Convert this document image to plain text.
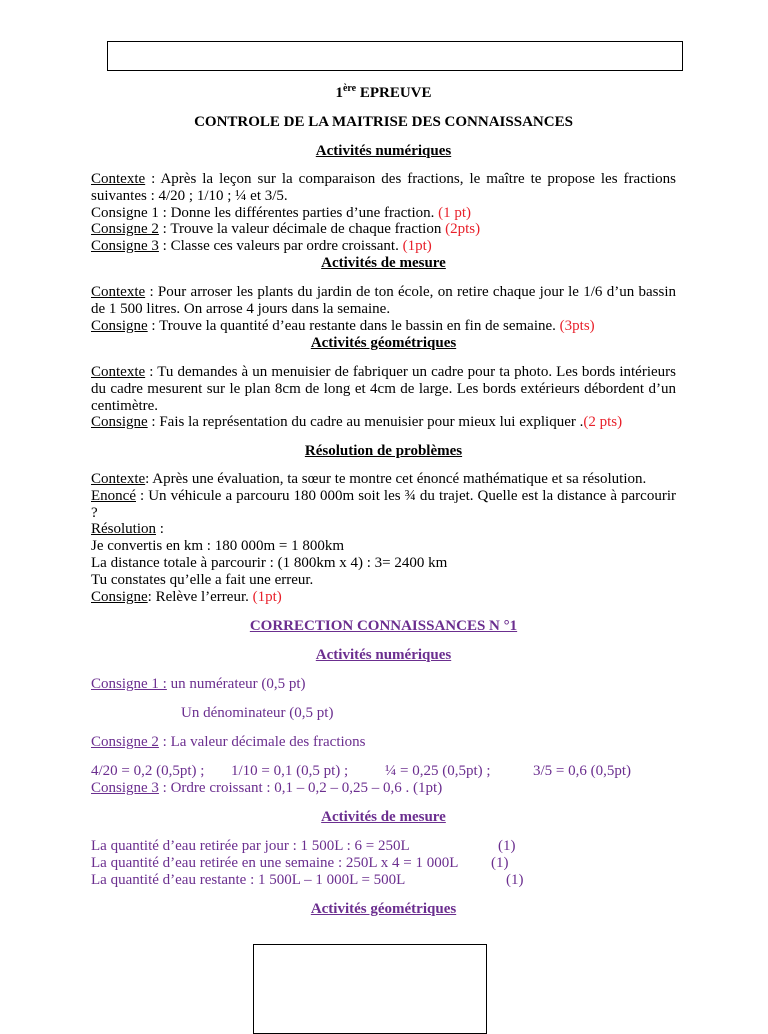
1ère EPREUVE
CONTROLE DE LA MAITRISE DES CONNAISSANCES
Activités numériques
Contexte : Après la leçon sur la comparaison des fractions, le maître te propose les fractions suivantes : 4/20 ; 1/10 ; ¼ et 3/5.
Consigne 1 : Donne les différentes parties d’une fraction. (1 pt)
Consigne 2 : Trouve la valeur décimale de chaque fraction (2pts)
Consigne 3 : Classe ces valeurs par ordre croissant. (1pt)
Activités de mesure
Contexte : Pour arroser les plants du jardin de ton école, on retire chaque jour le 1/6 d’un bassin de 1 500 litres. On arrose 4 jours dans la semaine.
Consigne : Trouve la quantité d’eau restante dans le bassin en fin de semaine. (3pts)
Activités géométriques
Contexte : Tu demandes à un menuisier de fabriquer un cadre pour ta photo. Les bords intérieurs du cadre mesurent sur le plan 8cm de long et 4cm de large. Les bords extérieurs débordent d’un centimètre.
Consigne : Fais la représentation du cadre au menuisier pour mieux lui expliquer .(2 pts)
Résolution de problèmes
Contexte: Après une évaluation, ta sœur te montre cet énoncé mathématique et sa résolution.
Enoncé : Un véhicule a parcouru 180 000m soit les ¾ du trajet. Quelle est la distance à parcourir ?
Résolution :
Je convertis en km : 180 000m = 1 800km
La distance totale à parcourir : (1 800km x 4) : 3= 2400 km
Tu constates qu’elle a fait une erreur.
Consigne: Relève l’erreur. (1pt)
CORRECTION CONNAISSANCES N °1
Activités numériques
Consigne 1 : un numérateur (0,5 pt)
Un dénominateur (0,5 pt)
Consigne 2 : La valeur décimale des fractions
4/20 = 0,2 (0,5pt) ; 1/10 = 0,1 (0,5 pt) ; ¼ = 0,25 (0,5pt) ;	3/5 = 0,6 (0,5pt)
Consigne 3 : Ordre croissant : 0,1 – 0,2 – 0,25 – 0,6 . (1pt)
Activités de mesure
La quantité d’eau retirée par jour : 1 500L : 6 = 250L	(1)
La quantité d’eau retirée en une semaine : 250L x 4 = 1 000L (1)
La quantité d’eau restante : 1 500L – 1 000L = 500L	(1)
Activités géométriques
